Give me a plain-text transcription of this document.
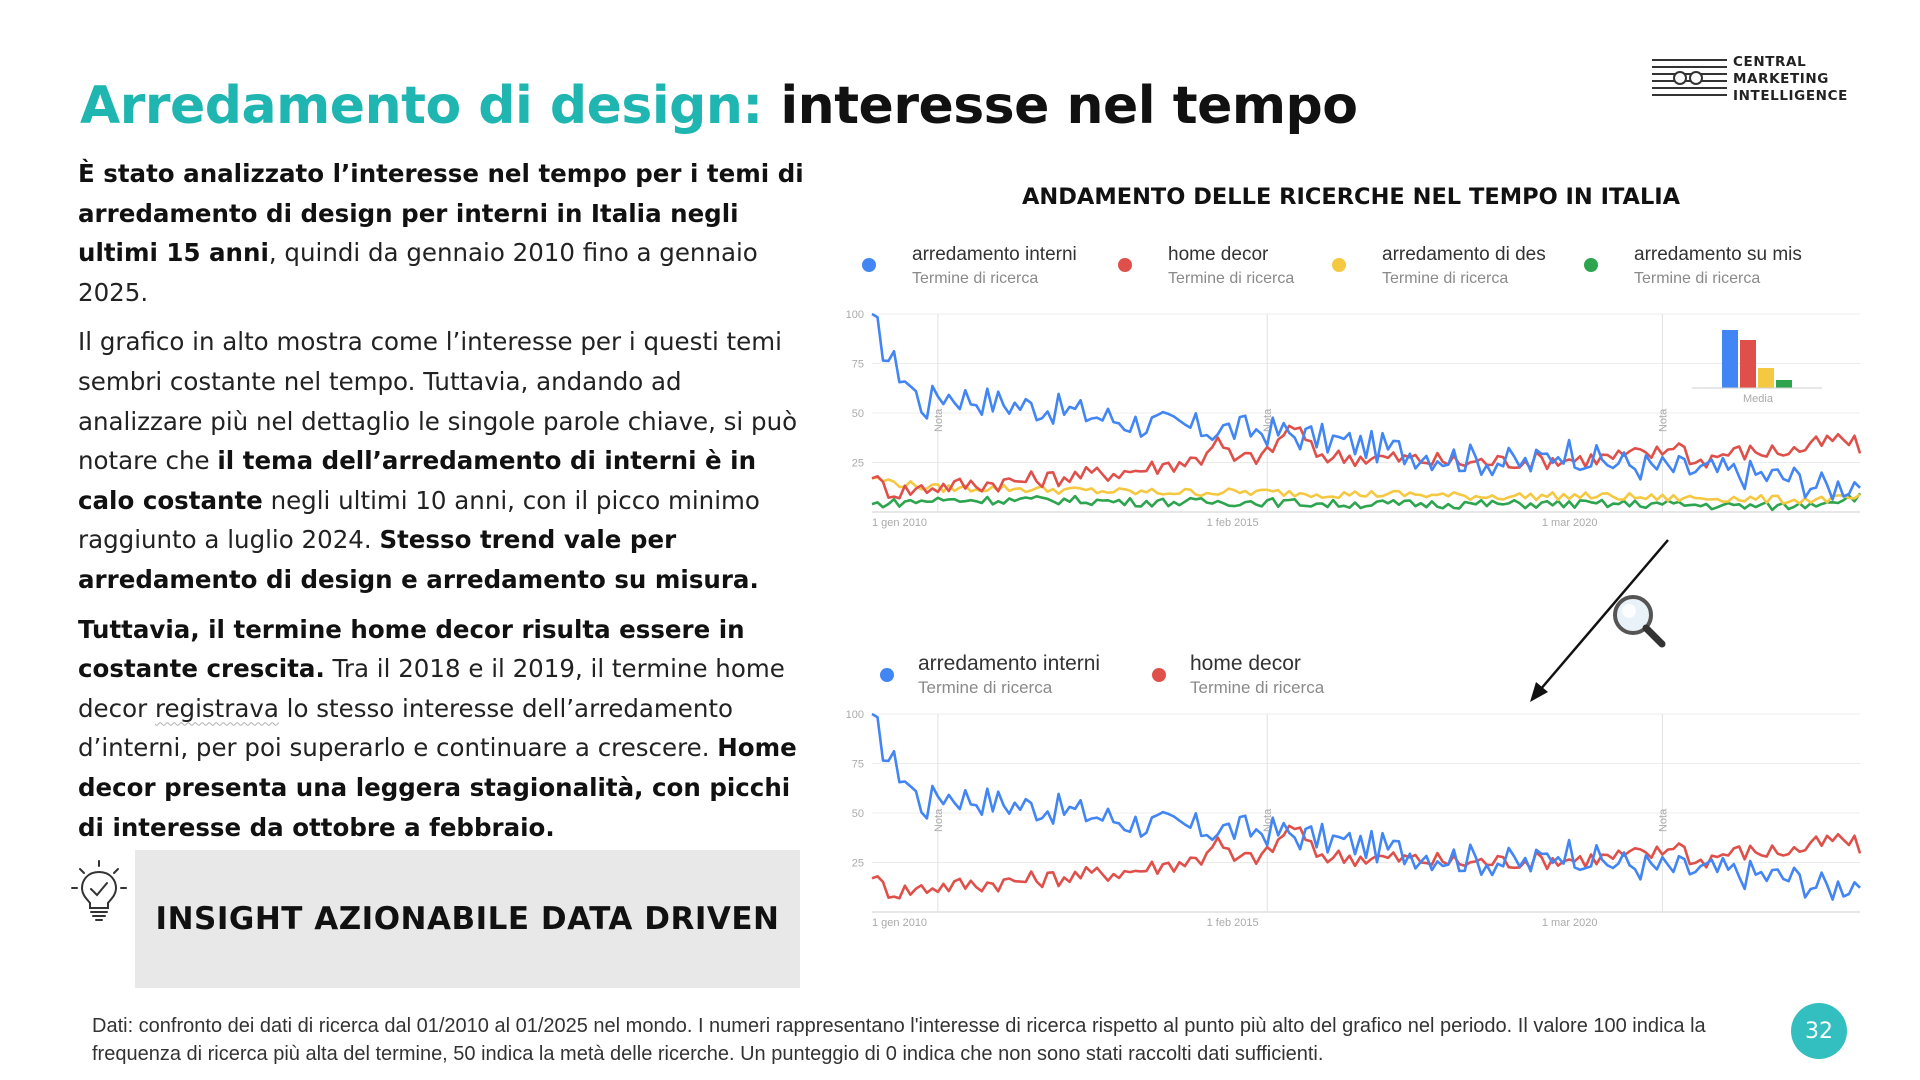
Arredamento di design: interesse nel tempo
CENTRAL
MARKETING
INTELLIGENCE

È stato analizzato l’interesse nel tempo per i temi di arredamento di design per interni in Italia negli ultimi 15 anni, quindi da gennaio 2010 fino a gennaio 2025.

Il grafico in alto mostra come l’interesse per i questi temi sembri costante nel tempo. Tuttavia, andando ad analizzare più nel dettaglio le singole parole chiave, si può notare che il tema dell’arredamento di interni è in calo costante negli ultimi 10 anni, con il picco minimo raggiunto a luglio 2024. Stesso trend vale per arredamento di design e arredamento su misura.

Tuttavia, il termine home decor risulta essere in costante crescita. Tra il 2018 e il 2019, il termine home decor registrava lo stesso interesse dell’arredamento d’interni, per poi superarlo e continuare a crescere. Home decor presenta una leggera stagionalità, con picchi di interesse da ottobre a febbraio.

INSIGHT AZIONABILE DATA DRIVEN
ANDAMENTO DELLE RICERCHE NEL TEMPO IN ITALIA
arredamento interni
Termine di ricerca
home decor
Termine di ricerca
arredamento di des
Termine di ricerca
arredamento su mis
Termine di ricerca
100
75
50
25
Nota	Nota	Nota
1 gen 2010	1 feb 2015	1 mar 2020
Media
arredamento interni
Termine di ricerca
home decor
Termine di ricerca
100
75
50
25
Nota	Nota	Nota
1 gen 2010	1 feb 2015	1 mar 2020

Dati: confronto dei dati di ricerca dal 01/2010 al 01/2025 nel mondo. I numeri rappresentano l'interesse di ricerca rispetto al punto più alto del grafico nel periodo. Il valore 100 indica la frequenza di ricerca più alta del termine, 50 indica la metà delle ricerche. Un punteggio di 0 indica che non sono stati raccolti dati sufficienti.

32
